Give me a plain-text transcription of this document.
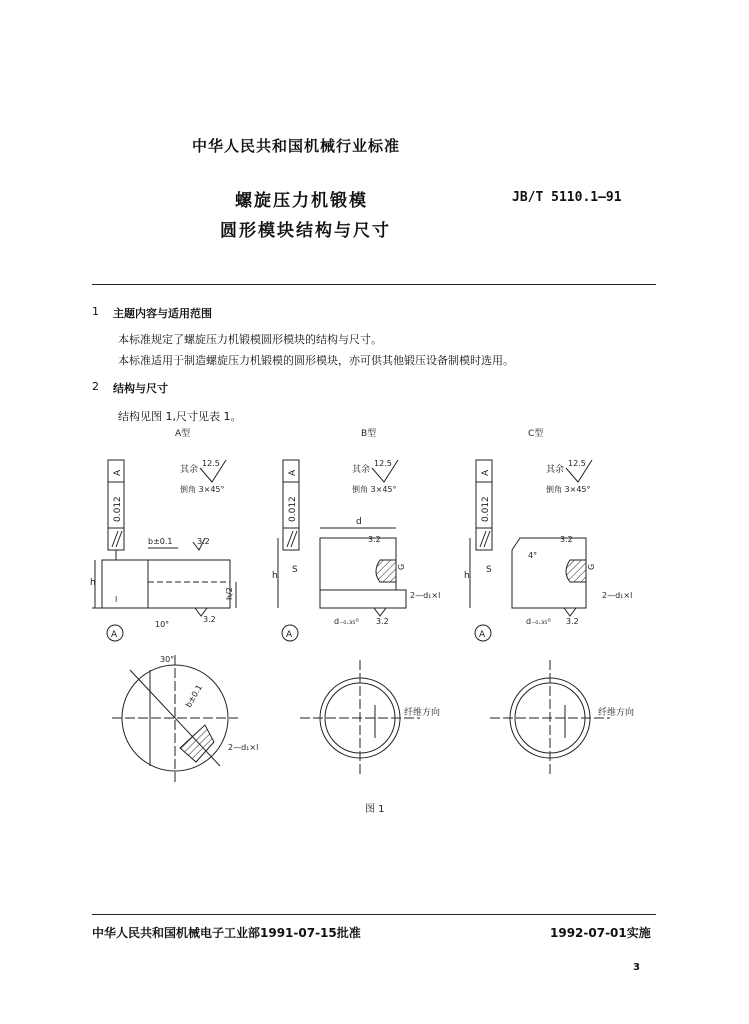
中华人民共和国机械行业标准
螺旋压力机锻模
圆形模块结构与尺寸
JB/T 5110.1—91
1 主题内容与适用范围
本标准规定了螺旋压力机锻模圆形模块的结构与尺寸。
本标准适用于制造螺旋压力机锻模的圆形模块，亦可供其他锻压设备制模时选用。
2 结构与尺寸
结构见图 1,尺寸见表 1。
A型
A
0.012
其余
12.5
倒角 3×45°
h
b±0.1	3.2
h/2
l
10°
3.2
A
30°
b±0.1
2—d₁×l
B型
A
0.012
其余
12.5
倒角 3×45°
d
h
S	G
3.2
2—d₁×l
d₋₀.₃₅⁰ 3.2
A
纤维方向
C型
A
0.012
其余
12.5
倒角 3×45°
h
S
4°
3.2
G
2—d₁×l
d₋₀.₃₅⁰ 3.2
A
纤维方向
图 1
中华人民共和国机械电子工业部1991-07-15批准	1992-07-01实施
3
